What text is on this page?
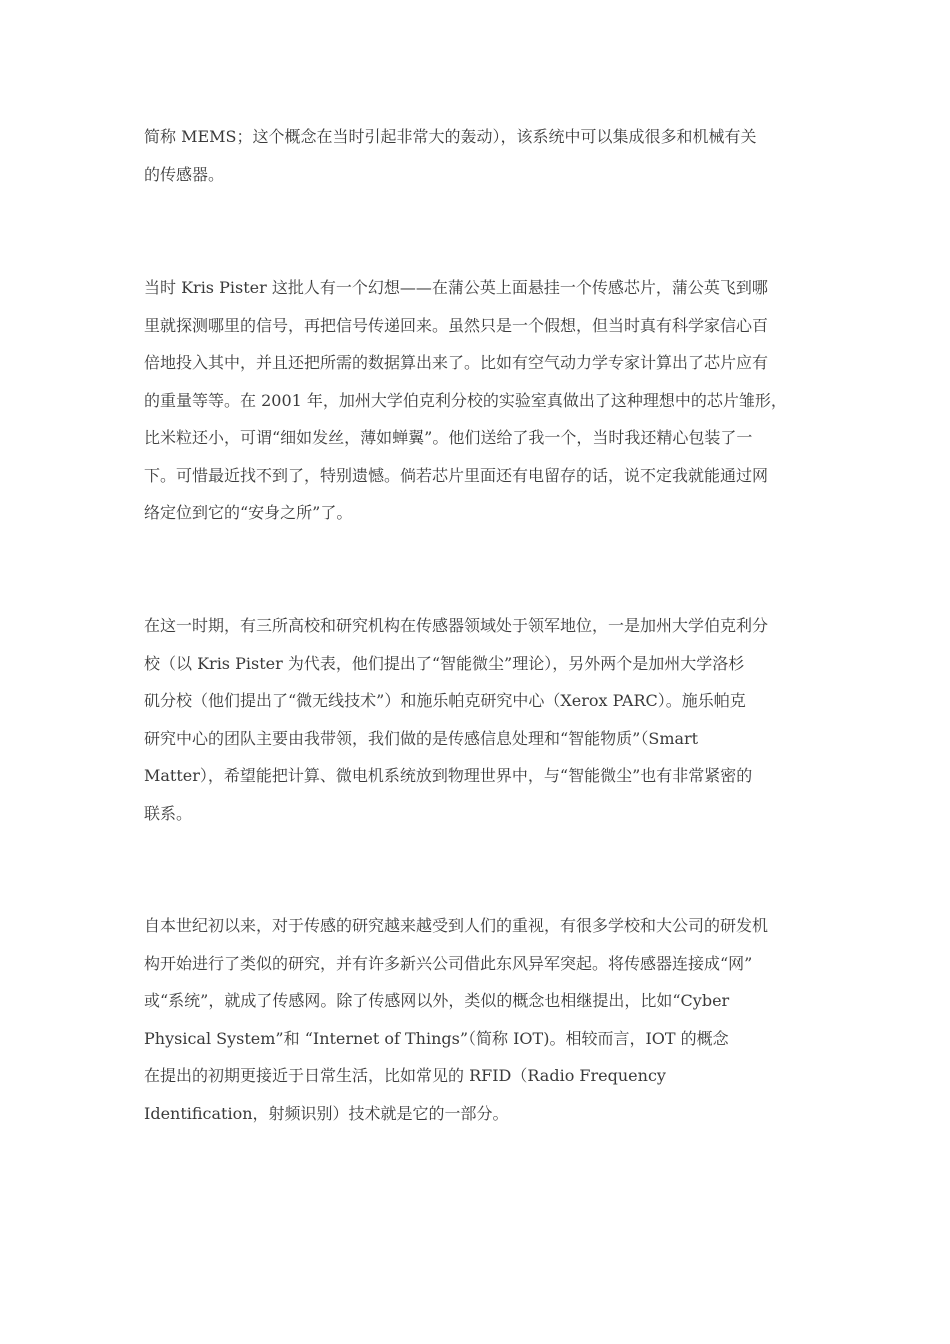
简称 MEMS；这个概念在当时引起非常大的轰动），该系统中可以集成很多和机械有关
的传感器。

当时 Kris Pister 这批人有一个幻想——在蒲公英上面悬挂一个传感芯片，蒲公英飞到哪
里就探测哪里的信号，再把信号传递回来。虽然只是一个假想，但当时真有科学家信心百
倍地投入其中，并且还把所需的数据算出来了。比如有空气动力学专家计算出了芯片应有
的重量等等。在 2001 年，加州大学伯克利分校的实验室真做出了这种理想中的芯片雏形，
比米粒还小，可谓“细如发丝，薄如蝉翼”。他们送给了我一个，当时我还精心包装了一
下。可惜最近找不到了，特别遗憾。倘若芯片里面还有电留存的话，说不定我就能通过网
络定位到它的“安身之所”了。

在这一时期，有三所高校和研究机构在传感器领域处于领军地位，一是加州大学伯克利分
校（以 Kris Pister 为代表，他们提出了“智能微尘”理论），另外两个是加州大学洛杉
矶分校（他们提出了“微无线技术”）和施乐帕克研究中心（Xerox PARC）。施乐帕克
研究中心的团队主要由我带领，我们做的是传感信息处理和“智能物质”（Smart
Matter），希望能把计算、微电机系统放到物理世界中，与“智能微尘”也有非常紧密的
联系。

自本世纪初以来，对于传感的研究越来越受到人们的重视，有很多学校和大公司的研发机
构开始进行了类似的研究，并有许多新兴公司借此东风异军突起。将传感器连接成“网”
或“系统”，就成了传感网。除了传感网以外，类似的概念也相继提出，比如“Cyber
Physical System”和 “Internet of Things”（简称 IOT)。相较而言，IOT 的概念
在提出的初期更接近于日常生活，比如常见的 RFID（Radio Frequency
Identification，射频识别）技术就是它的一部分。
